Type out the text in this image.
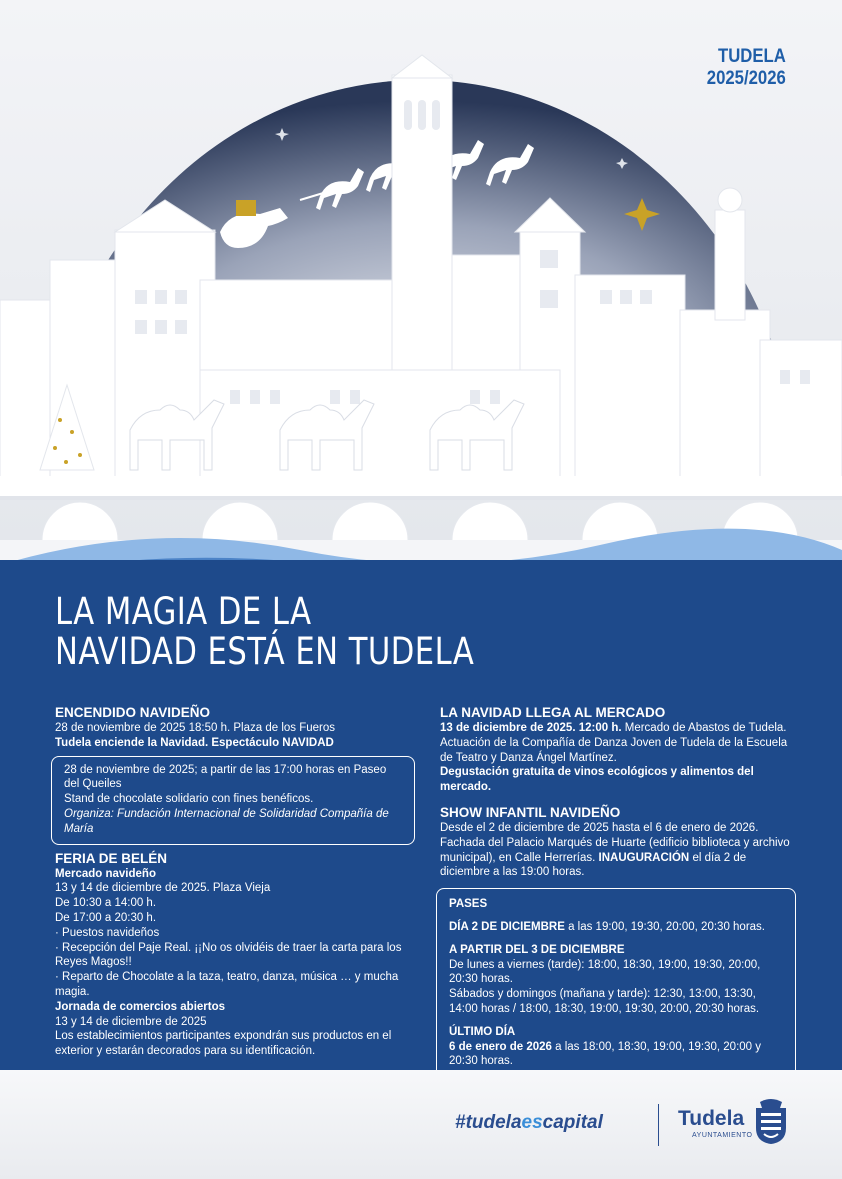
TUDELA
2025/2026
LA MAGIA DE LA
NAVIDAD ESTÁ EN TUDELA
ENCENDIDO NAVIDEÑO
28 de noviembre de 2025 18:50 h. Plaza de los Fueros
Tudela enciende la Navidad. Espectáculo NAVIDAD
28 de noviembre de 2025; a partir de las 17:00 horas en Paseo del Queiles
Stand de chocolate solidario con fines benéficos.
Organiza: Fundación Internacional de Solidaridad Compañía de María
FERIA DE BELÉN
Mercado navideño
13 y 14 de diciembre de 2025. Plaza Vieja
De 10:30 a 14:00 h.
De 17:00 a 20:30 h.
· Puestos navideños
· Recepción del Paje Real. ¡¡No os olvidéis de traer la carta para los Reyes Magos!!
· Reparto de Chocolate a la taza, teatro, danza, música … y mucha magia.
Jornada de comercios abiertos
13 y 14 de diciembre de 2025
Los establecimientos participantes expondrán sus productos en el exterior y estarán decorados para su identificación.
LA NAVIDAD LLEGA AL MERCADO
13 de diciembre de 2025. 12:00 h. Mercado de Abastos de Tudela.
Actuación de la Compañía de Danza Joven de Tudela de la Escuela de Teatro y Danza Ángel Martínez.
Degustación gratuita de vinos ecológicos y alimentos del mercado.
SHOW INFANTIL NAVIDEÑO
Desde el 2 de diciembre de 2025 hasta el 6 de enero de 2026. Fachada del Palacio Marqués de Huarte (edificio biblioteca y archivo municipal), en Calle Herrerías. INAUGURACIÓN el día 2 de diciembre a las 19:00 horas.
PASES
DÍA 2 DE DICIEMBRE a las 19:00, 19:30, 20:00, 20:30 horas.
A PARTIR DEL 3 DE DICIEMBRE
De lunes a viernes (tarde): 18:00, 18:30, 19:00, 19:30, 20:00, 20:30 horas.
Sábados y domingos (mañana y tarde): 12:30, 13:00, 13:30, 14:00 horas / 18:00, 18:30, 19:00, 19:30, 20:00, 20:30 horas.
ÚLTIMO DÍA
6 de enero de 2026 a las 18:00, 18:30, 19:00, 19:30, 20:00 y 20:30 horas.
#tudelaescapital	Tudela
AYUNTAMIENTO
